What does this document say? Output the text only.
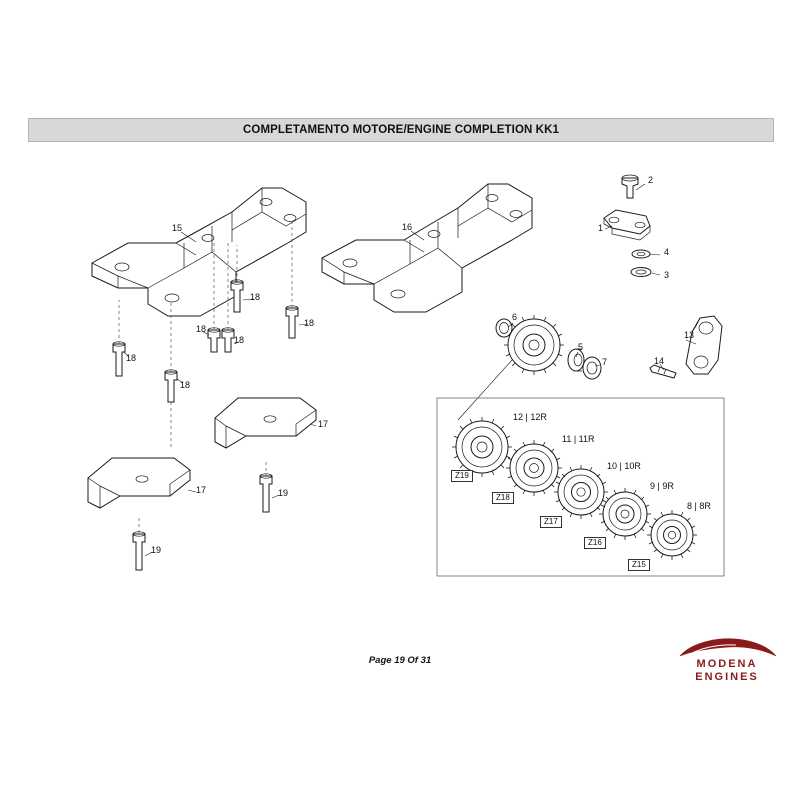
COMPLETAMENTO MOTORE/ENGINE COMPLETION KK1
1
2
3
4
5
6
7
13
14
15	16
17
17
18
18
18
18
18
18
19
19
12 | 12R
Z19
11 | 11R
Z18
10 | 10R
Z17
9 | 9R
Z16
8 | 8R
Z15
Page 19 Of 31	MODENA
ENGINES
